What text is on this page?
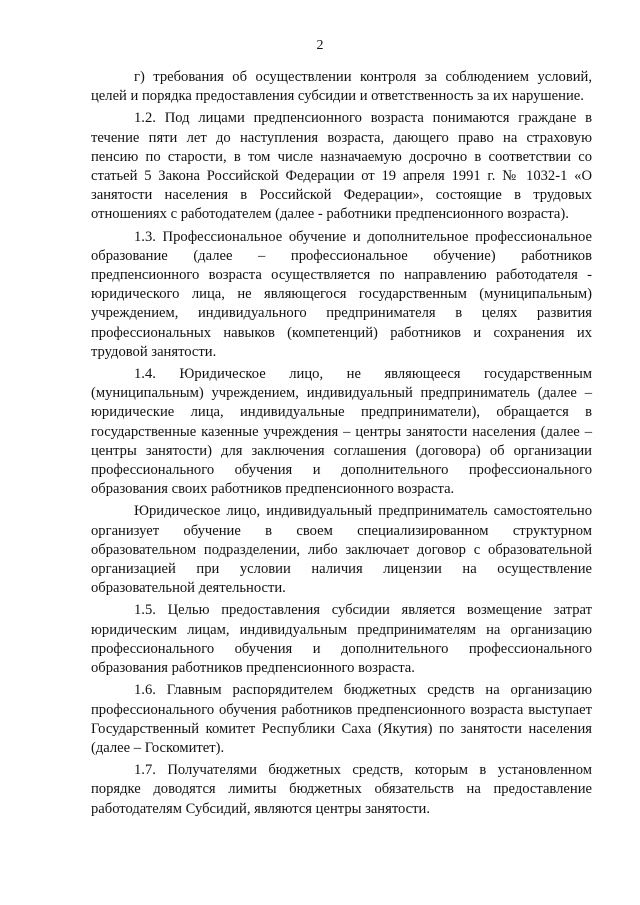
2

г) требования об осуществлении контроля за соблюдением условий, целей и порядка предоставления субсидии и ответственность за их нарушение.

1.2. Под лицами предпенсионного возраста понимаются граждане в течение пяти лет до наступления возраста, дающего право на страховую пенсию по старости, в том числе назначаемую досрочно в соответствии со статьей 5 Закона Российской Федерации от 19 апреля 1991 г. № 1032-1 «О занятости населения в Российской Федерации», состоящие в трудовых отношениях с работодателем (далее - работники предпенсионного возраста).

1.3. Профессиональное обучение и дополнительное профессиональное образование (далее – профессиональное обучение) работников предпенсионного возраста осуществляется по направлению работодателя - юридического лица, не являющегося государственным (муниципальным) учреждением, индивидуального предпринимателя в целях развития профессиональных навыков (компетенций) работников и сохранения их трудовой занятости.

1.4. Юридическое лицо, не являющееся государственным (муниципальным) учреждением, индивидуальный предприниматель (далее – юридические лица, индивидуальные предприниматели), обращается в государственные казенные учреждения – центры занятости населения (далее – центры занятости) для заключения соглашения (договора) об организации профессионального обучения и дополнительного профессионального образования своих работников предпенсионного возраста.

Юридическое лицо, индивидуальный предприниматель самостоятельно организует обучение в своем специализированном структурном образовательном подразделении, либо заключает договор с образовательной организацией при условии наличия лицензии на осуществление образовательной деятельности.

1.5. Целью предоставления субсидии является возмещение затрат юридическим лицам, индивидуальным предпринимателям на организацию профессионального обучения и дополнительного профессионального образования работников предпенсионного возраста.

1.6. Главным распорядителем бюджетных средств на организацию профессионального обучения работников предпенсионного возраста выступает Государственный комитет Республики Саха (Якутия) по занятости населения (далее – Госкомитет).

1.7. Получателями бюджетных средств, которым в установленном порядке доводятся лимиты бюджетных обязательств на предоставление работодателям Субсидий, являются центры занятости.
